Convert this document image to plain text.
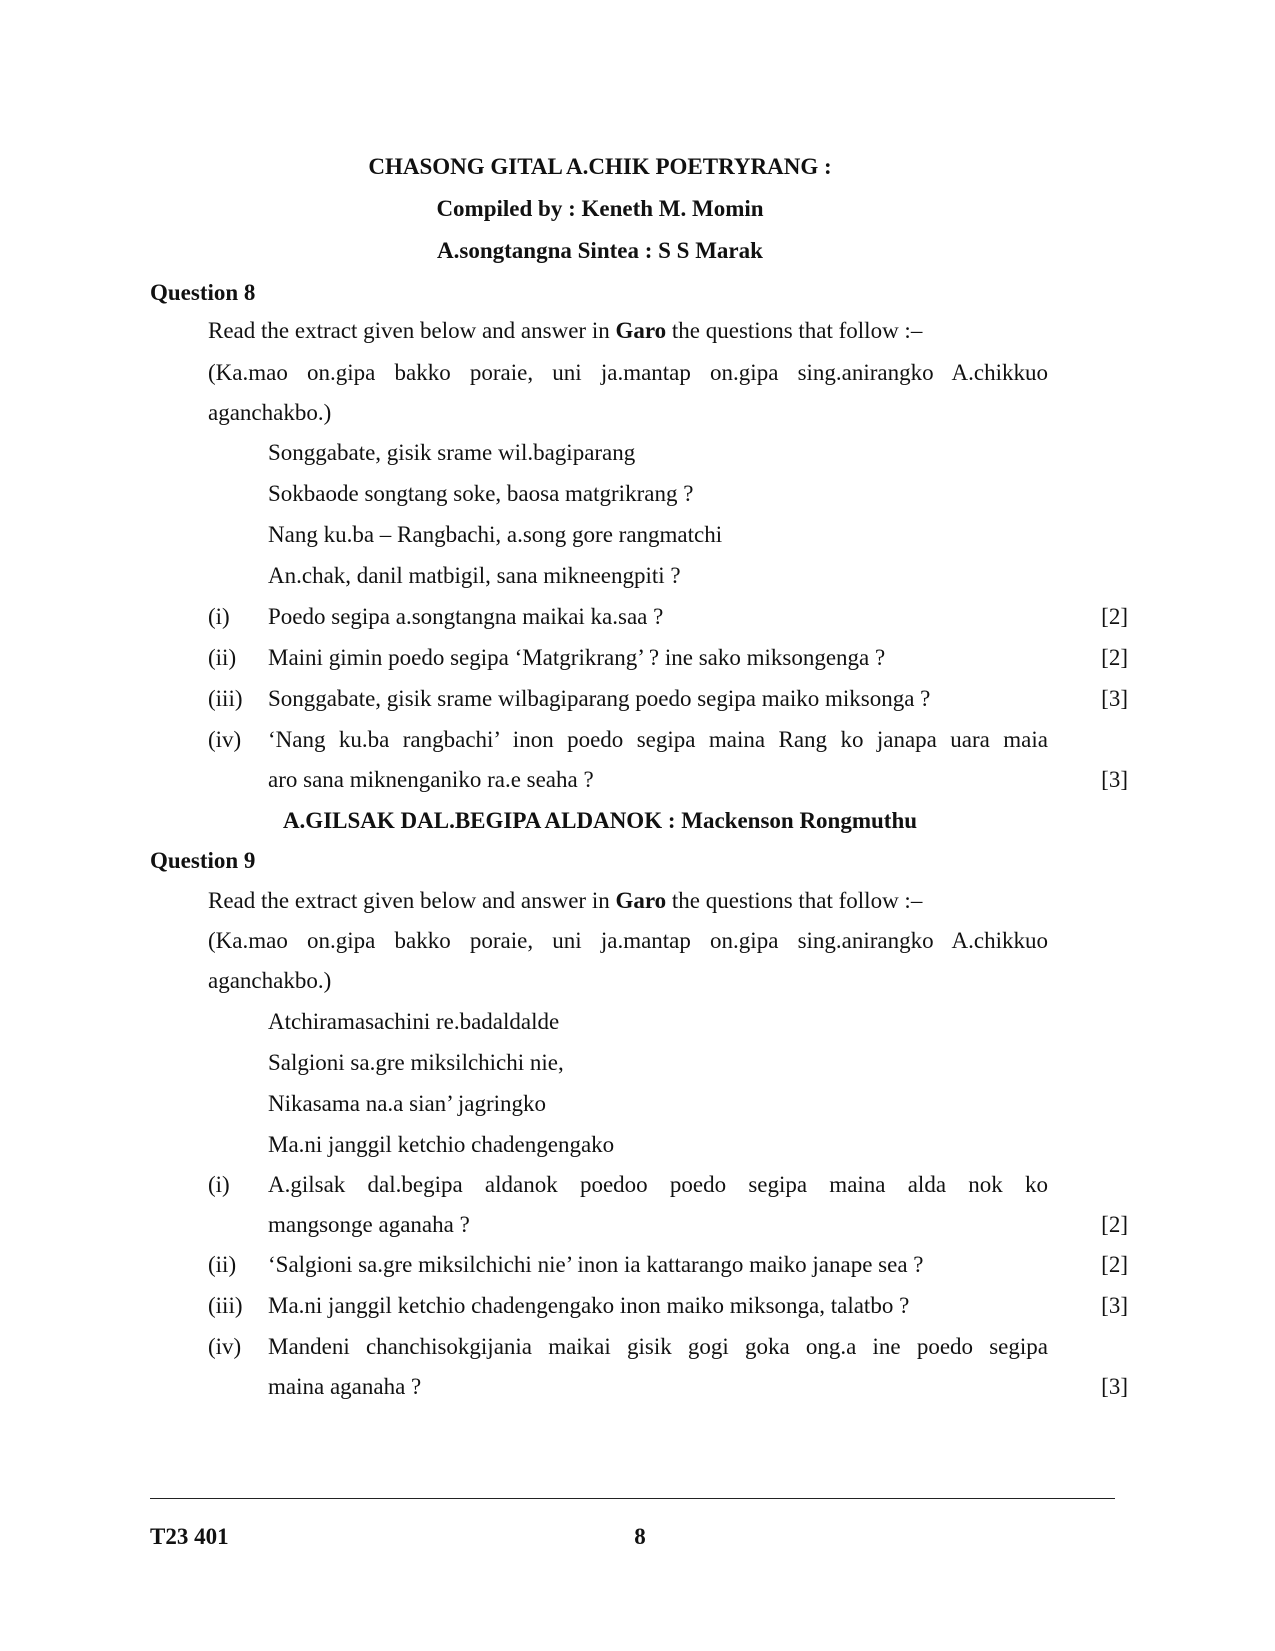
CHASONG GITAL A.CHIK POETRYRANG :
Compiled by : Keneth M. Momin
A.songtangna Sintea : S S Marak
Question 8
Read the extract given below and answer in Garo the questions that follow :–
(Ka.mao on.gipa bakko poraie, uni ja.mantap on.gipa sing.anirangko A.chikkuo
aganchakbo.)
Songgabate, gisik srame wil.bagiparang
Sokbaode songtang soke, baosa matgrikrang ?
Nang ku.ba – Rangbachi, a.song gore rangmatchi
An.chak, danil matbigil, sana mikneengpiti ?
(i) Poedo segipa a.songtangna maikai ka.saa ?	[2]
(ii) Maini gimin poedo segipa ‘Matgrikrang’ ? ine sako miksongenga ?	[2]
(iii) Songgabate, gisik srame wilbagiparang poedo segipa maiko miksonga ?	[3]
(iv) ‘Nang ku.ba rangbachi’ inon poedo segipa maina Rang ko janapa uara maia
aro sana miknenganiko ra.e seaha ?	[3]
A.GILSAK DAL.BEGIPA ALDANOK : Mackenson Rongmuthu
Question 9
Read the extract given below and answer in Garo the questions that follow :–
(Ka.mao on.gipa bakko poraie, uni ja.mantap on.gipa sing.anirangko A.chikkuo
aganchakbo.)
Atchiramasachini re.badaldalde
Salgioni sa.gre miksilchichi nie,
Nikasama na.a sian’ jagringko
Ma.ni janggil ketchio chadengengako
(i) A.gilsak dal.begipa aldanok poedoo poedo segipa maina alda nok ko
mangsonge aganaha ?	[2]
(ii) ‘Salgioni sa.gre miksilchichi nie’ inon ia kattarango maiko janape sea ?	[2]
(iii) Ma.ni janggil ketchio chadengengako inon maiko miksonga, talatbo ?	[3]
(iv) Mandeni chanchisokgijania maikai gisik gogi goka ong.a ine poedo segipa
maina aganaha ?	[3]
T23 401	8
